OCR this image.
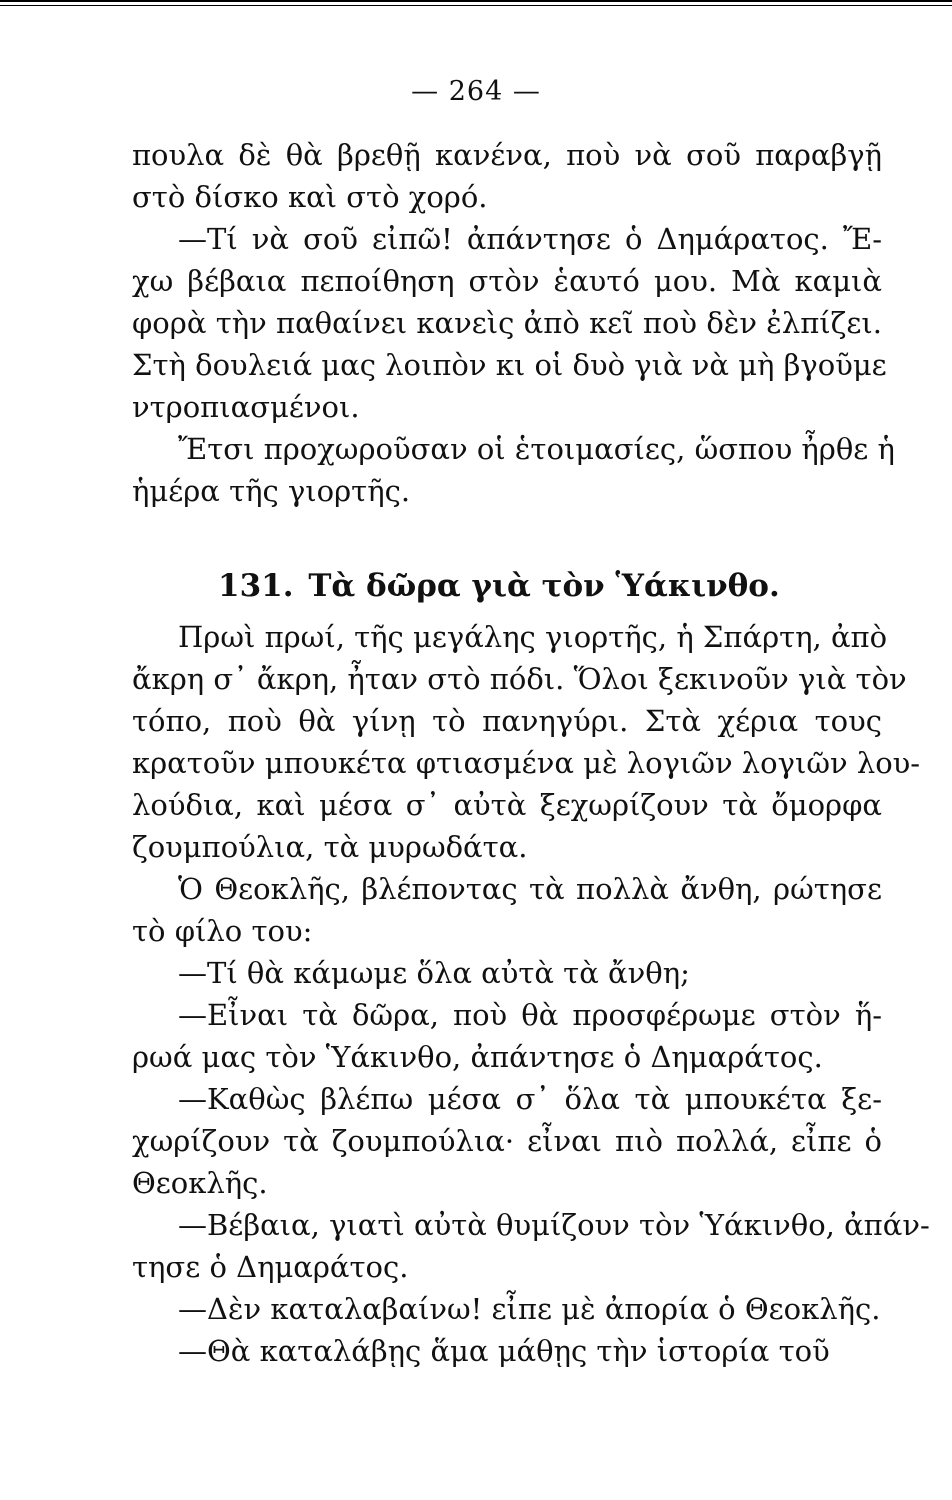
— 264 —
πουλα δὲ θὰ βρεθῇ κανένα, ποὺ νὰ σοῦ παραβγῇ
στὸ δίσκο καὶ στὸ χορό.
—Τί νὰ σοῦ εἰπῶ! ἀπάντησε ὁ Δημάρατος. Ἔ-
χω βέβαια πεποίθηση στὸν ἑαυτό μου. Μὰ καμιὰ
φορὰ τὴν παθαίνει κανεὶς ἀπὸ κεῖ ποὺ δὲν ἐλπίζει.
Στὴ δουλειά μας λοιπὸν κι οἱ δυὸ γιὰ νὰ μὴ βγοῦμε
ντροπιασμένοι.
Ἔτσι προχωροῦσαν οἱ ἑτοιμασίες, ὥσπου ἦρθε ἡ
ἡμέρα τῆς γιορτῆς.
131. Τὰ δῶρα γιὰ τὸν Ὑάκινθο.
Πρωὶ πρωί, τῆς μεγάλης γιορτῆς, ἡ Σπάρτη, ἀπὸ
ἄκρη σ᾽ ἄκρη, ἦταν στὸ πόδι. Ὅλοι ξεκινοῦν γιὰ τὸν
τόπο, ποὺ θὰ γίνῃ τὸ πανηγύρι. Στὰ χέρια τους
κρατοῦν μπουκέτα φτιασμένα μὲ λογιῶν λογιῶν λου-
λούδια, καὶ μέσα σ᾽ αὐτὰ ξεχωρίζουν τὰ ὄμορφα
ζουμπούλια, τὰ μυρωδάτα.
Ὁ Θεοκλῆς, βλέποντας τὰ πολλὰ ἄνθη, ρώτησε
τὸ φίλο του:
—Τί θὰ κάμωμε ὅλα αὐτὰ τὰ ἄνθη;
—Εἶναι τὰ δῶρα, ποὺ θὰ προσφέρωμε στὸν ἥ-
ρωά μας τὸν Ὑάκινθο, ἀπάντησε ὁ Δημαράτος.
—Καθὼς βλέπω μέσα σ᾽ ὅλα τὰ μπουκέτα ξε-
χωρίζουν τὰ ζουμπούλια· εἶναι πιὸ πολλά, εἶπε ὁ
Θεοκλῆς.
—Βέβαια, γιατὶ αὐτὰ θυμίζουν τὸν Ὑάκινθο, ἀπάν-
τησε ὁ Δημαράτος.
—Δὲν καταλαβαίνω! εἶπε μὲ ἀπορία ὁ Θεοκλῆς.
—Θὰ καταλάβῃς ἅμα μάθῃς τὴν ἱστορία τοῦ
